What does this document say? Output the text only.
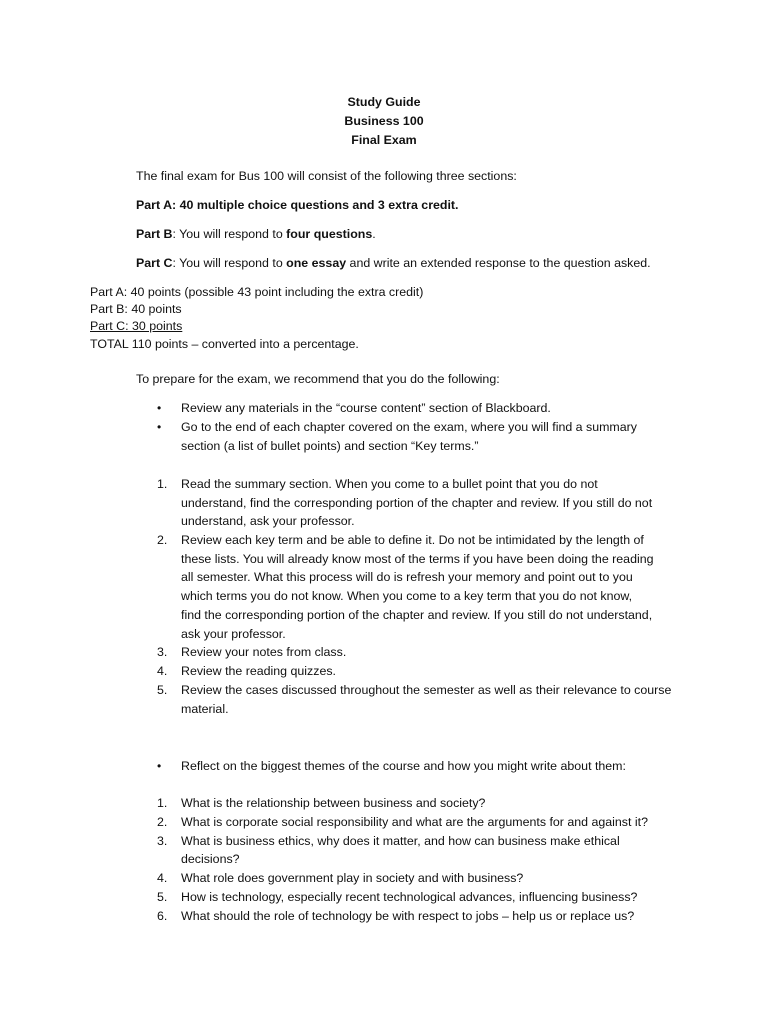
Study Guide
Business 100
Final Exam
The final exam for Bus 100 will consist of the following three sections:
Part A: 40 multiple choice questions and 3 extra credit.
Part B: You will respond to four questions.
Part C: You will respond to one essay and write an extended response to the question asked.
Part A: 40 points (possible 43 point including the extra credit)
Part B: 40 points
Part C: 30 points
TOTAL 110 points – converted into a percentage.
To prepare for the exam, we recommend that you do the following:
• Review any materials in the “course content” section of Blackboard.
• Go to the end of each chapter covered on the exam, where you will find a summary
section (a list of bullet points) and section “Key terms.”
1. Read the summary section. When you come to a bullet point that you do not
understand, find the corresponding portion of the chapter and review. If you still do not
understand, ask your professor.
2. Review each key term and be able to define it. Do not be intimidated by the length of
these lists. You will already know most of the terms if you have been doing the reading
all semester. What this process will do is refresh your memory and point out to you
which terms you do not know. When you come to a key term that you do not know,
find the corresponding portion of the chapter and review. If you still do not understand,
ask your professor.
3. Review your notes from class.
4. Review the reading quizzes.
5. Review the cases discussed throughout the semester as well as their relevance to course
material.
• Reflect on the biggest themes of the course and how you might write about them:
1. What is the relationship between business and society?
2. What is corporate social responsibility and what are the arguments for and against it?
3. What is business ethics, why does it matter, and how can business make ethical
decisions?
4. What role does government play in society and with business?
5. How is technology, especially recent technological advances, influencing business?
6. What should the role of technology be with respect to jobs – help us or replace us?
